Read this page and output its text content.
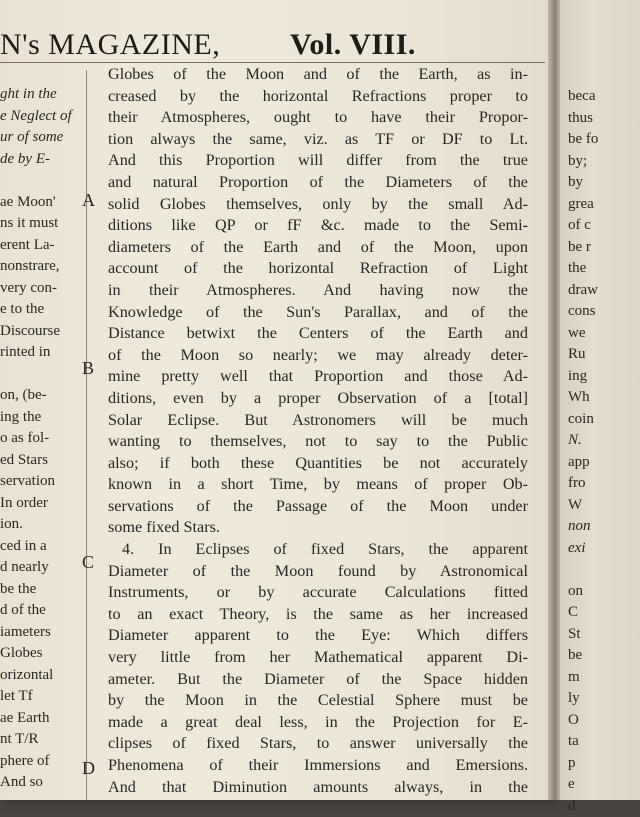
N's MAGAZINE, Vol. VIII.
ght in the
e Neglect of
ur of some
de by E-
ae Moon'
ns it must
erent La-
nonstrare,
very con-
e to the
Discourse
rinted in
on, (be-
ing the
o as fol-
ed Stars
servation
In order
ion.
ced in a
d nearly
be the
d of the
iameters
Globes
orizontal
let Tf
ae Earth
nt T/R
phere of
And so
Globes of the Moon and of the Earth, as in-
creased by the horizontal Refractions proper to
their Atmospheres, ought to have their Propor-
tion always the same, viz. as TF or DF to Lt.
And this Proportion will differ from the true
and natural Proportion of the Diameters of the
solid Globes themselves, only by the small Ad-
ditions like QP or fF &c. made to the Semi-
diameters of the Earth and of the Moon, upon
account of the horizontal Refraction of Light
in their Atmospheres. And having now the
Knowledge of the Sun's Parallax, and of the
Distance betwixt the Centers of the Earth and
of the Moon so nearly; we may already deter-
mine pretty well that Proportion and those Ad-
ditions, even by a proper Observation of a [total]
Solar Eclipse. But Astronomers will be much
wanting to themselves, not to say to the Public
also; if both these Quantities be not accurately
known in a short Time, by means of proper Ob-
servations of the Passage of the Moon under
some fixed Stars.
4. In Eclipses of fixed Stars, the apparent
Diameter of the Moon found by Astronomical
Instruments, or by accurate Calculations fitted
to an exact Theory, is the same as her increased
Diameter apparent to the Eye: Which differs
very little from her Mathematical apparent Di-
ameter. But the Diameter of the Space hidden
by the Moon in the Celestial Sphere must be
made a great deal less, in the Projection for E-
clipses of fixed Stars, to answer universally the
Phenomena of their Immersions and Emersions.
And that Diminution amounts always, in the
A
B
C
D
beca
thus
be fo
by;
by
grea
of c
be r
the
draw
cons
we
Ru
ing
Wh
coin
N.
app
fro
W
non
exi
on
C
St
be
m
ly
O
ta
p
e
d
